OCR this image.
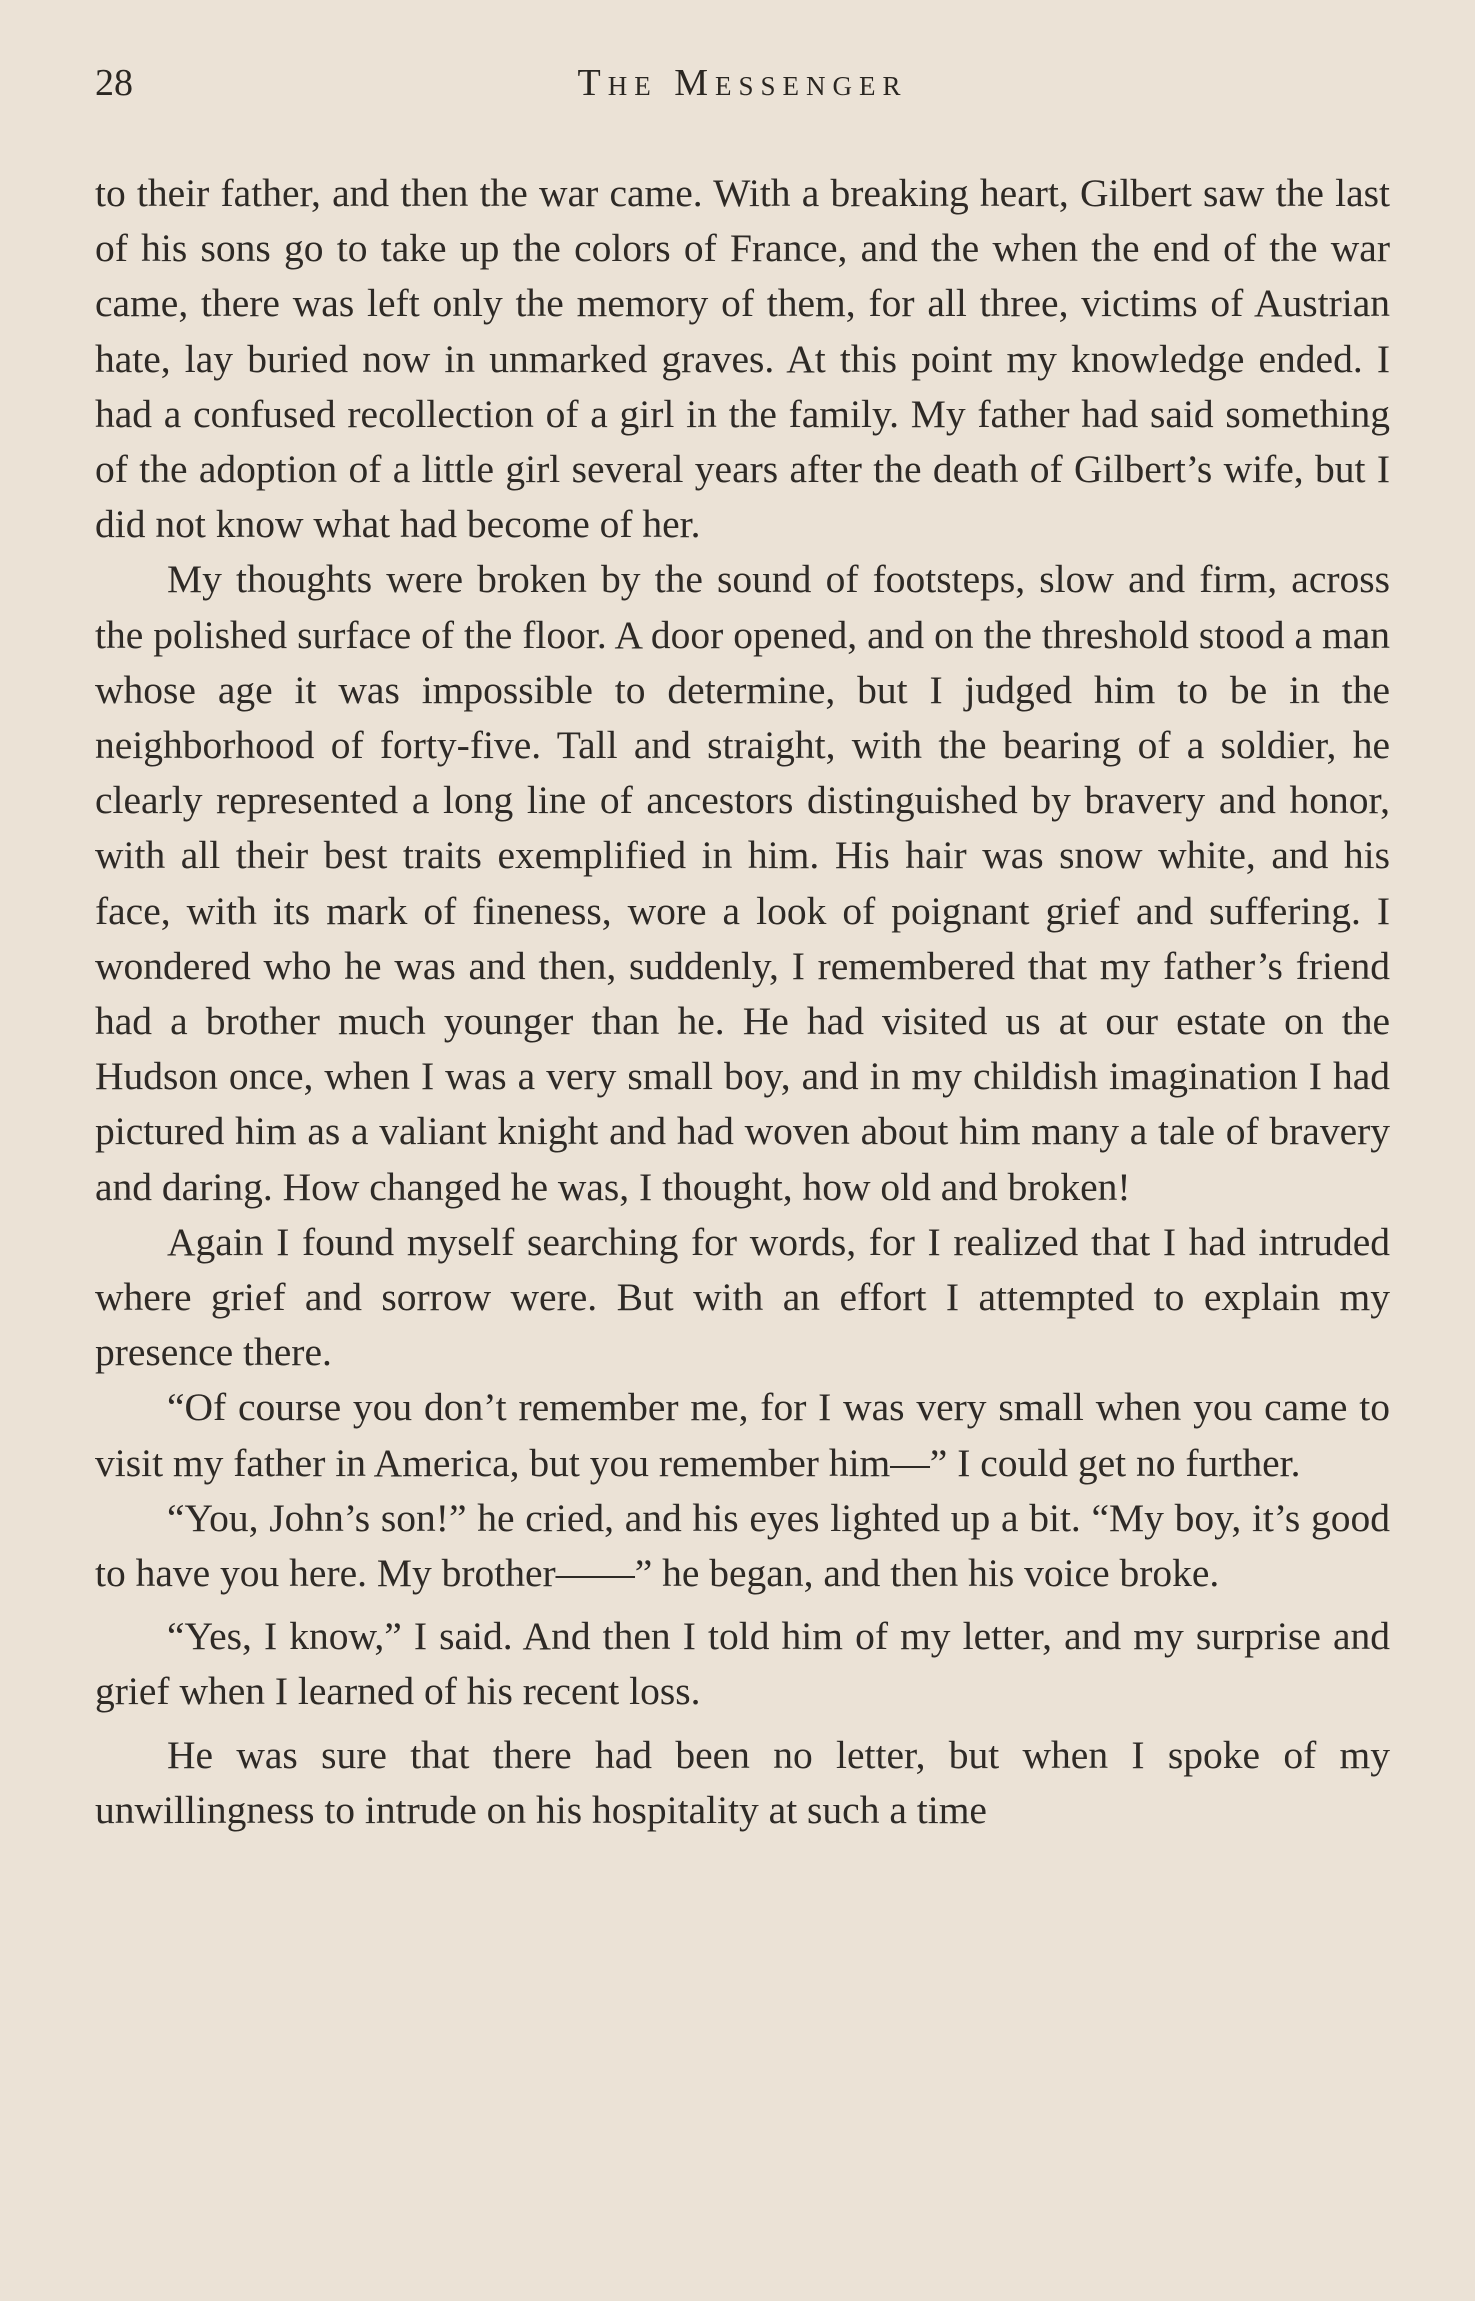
28	The Messenger

to their father, and then the war came. With a breaking heart, Gilbert saw the last of his sons go to take up the colors of France, and the when the end of the war came, there was left only the memory of them, for all three, victims of Austrian hate, lay buried now in unmarked graves. At this point my knowledge ended. I had a confused recollection of a girl in the family. My father had said something of the adoption of a little girl several years after the death of Gilbert’s wife, but I did not know what had become of her.

My thoughts were broken by the sound of footsteps, slow and firm, across the polished surface of the floor. A door opened, and on the threshold stood a man whose age it was impossible to determine, but I judged him to be in the neighborhood of forty-five. Tall and straight, with the bearing of a soldier, he clearly represented a long line of ancestors distinguished by bravery and honor, with all their best traits exemplified in him. His hair was snow white, and his face, with its mark of fineness, wore a look of poignant grief and suffering. I wondered who he was and then, suddenly, I remembered that my father’s friend had a brother much younger than he. He had visited us at our estate on the Hudson once, when I was a very small boy, and in my childish imagination I had pictured him as a valiant knight and had woven about him many a tale of bravery and daring. How changed he was, I thought, how old and broken!

Again I found myself searching for words, for I realized that I had intruded where grief and sorrow were. But with an effort I attempted to explain my presence there.

“Of course you don’t remember me, for I was very small when you came to visit my father in America, but you remember him—” I could get no further.

“You, John’s son!” he cried, and his eyes lighted up a bit. “My boy, it’s good to have you here. My brother——” he began, and then his voice broke.

“Yes, I know,” I said. And then I told him of my letter, and my surprise and grief when I learned of his recent loss.

He was sure that there had been no letter, but when I spoke of my unwillingness to intrude on his hospitality at such a time
